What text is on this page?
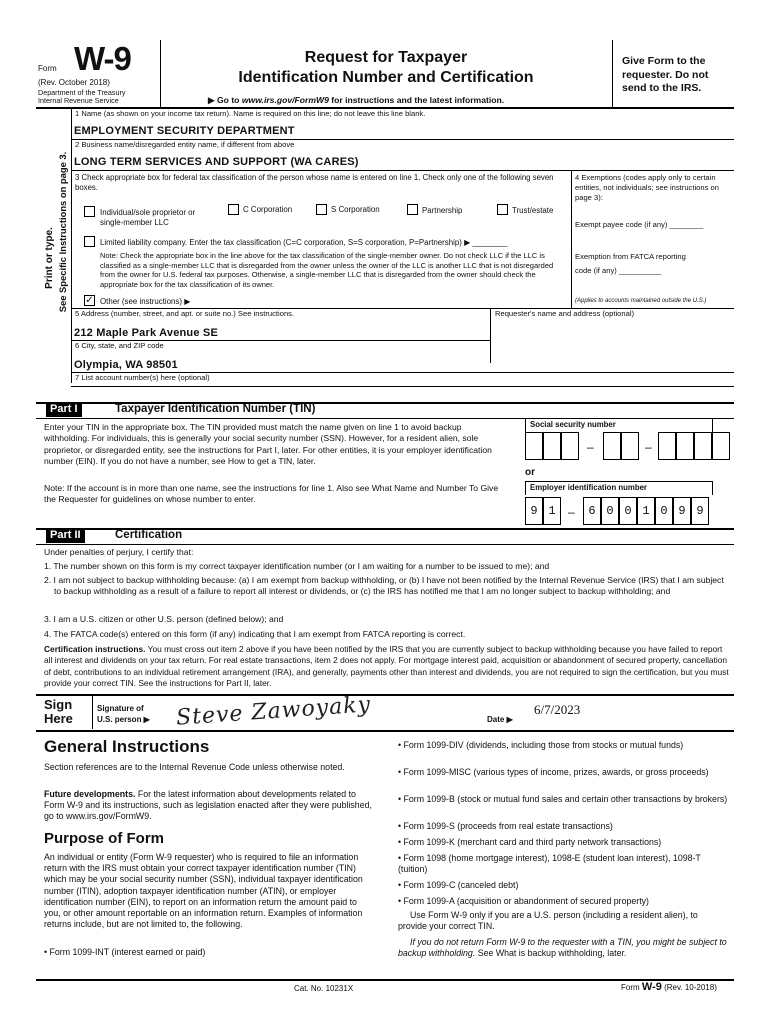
Form W-9
(Rev. October 2018)
Department of the Treasury
Internal Revenue Service
Request for Taxpayer
Identification Number and Certification
▶ Go to www.irs.gov/FormW9 for instructions and the latest information.
Give Form to the requester. Do not send to the IRS.
Print or type. See Specific Instructions on page 3.
1 Name (as shown on your income tax return). Name is required on this line; do not leave this line blank.
EMPLOYMENT SECURITY DEPARTMENT
2 Business name/disregarded entity name, if different from above
LONG TERM SERVICES AND SUPPORT (WA CARES)
3 Check appropriate box for federal tax classification of the person whose name is entered on line 1. Check only one of the following seven boxes.
Individual/sole proprietor or single-member LLC
C Corporation	S Corporation	Partnership	Trust/estate
Limited liability company. Enter the tax classification (C=C corporation, S=S corporation, P=Partnership) ▶ ________
Note: Check the appropriate box in the line above for the tax classification of the single-member owner. Do not check LLC if the LLC is classified as a single-member LLC that is disregarded from the owner unless the owner of the LLC is another LLC that is not disregarded from the owner for U.S. federal tax purposes. Otherwise, a single-member LLC that is disregarded from the owner should check the appropriate box for the tax classification of its owner.
✓ Other (see instructions) ▶
4 Exemptions (codes apply only to certain entities, not individuals; see instructions on page 3):
Exempt payee code (if any) ________
Exemption from FATCA reporting
code (if any) __________
(Applies to accounts maintained outside the U.S.)
5 Address (number, street, and apt. or suite no.) See instructions.	Requester's name and address (optional)
212 Maple Park Avenue SE
6 City, state, and ZIP code
Olympia, WA 98501
7 List account number(s) here (optional)
Part I	Taxpayer Identification Number (TIN)
Enter your TIN in the appropriate box. The TIN provided must match the name given on line 1 to avoid backup withholding. For individuals, this is generally your social security number (SSN). However, for a resident alien, sole proprietor, or disregarded entity, see the instructions for Part I, later. For other entities, it is your employer identification number (EIN). If you do not have a number, see How to get a TIN, later.
Note: If the account is in more than one name, see the instructions for line 1. Also see What Name and Number To Give the Requester for guidelines on whose number to enter.
Social security number
–	–
or
Employer identification number
9 1	–	6 0 0 1 0 9 9
Part II	Certification
Under penalties of perjury, I certify that:
1. The number shown on this form is my correct taxpayer identification number (or I am waiting for a number to be issued to me); and
2. I am not subject to backup withholding because: (a) I am exempt from backup withholding, or (b) I have not been notified by the Internal Revenue Service (IRS) that I am subject to backup withholding as a result of a failure to report all interest or dividends, or (c) the IRS has notified me that I am no longer subject to backup withholding; and
3. I am a U.S. citizen or other U.S. person (defined below); and
4. The FATCA code(s) entered on this form (if any) indicating that I am exempt from FATCA reporting is correct.
Certification instructions. You must cross out item 2 above if you have been notified by the IRS that you are currently subject to backup withholding because you have failed to report all interest and dividends on your tax return. For real estate transactions, item 2 does not apply. For mortgage interest paid, acquisition or abandonment of secured property, cancellation of debt, contributions to an individual retirement arrangement (IRA), and generally, payments other than interest and dividends, you are not required to sign the certification, but you must provide your correct TIN. See the instructions for Part II, later.
Sign
Here
Signature of
U.S. person ▶ Steve Zawoyaky	Date ▶
6/7/2023
General Instructions
Section references are to the Internal Revenue Code unless otherwise noted.
Future developments. For the latest information about developments related to Form W-9 and its instructions, such as legislation enacted after they were published, go to www.irs.gov/FormW9.
Purpose of Form
An individual or entity (Form W-9 requester) who is required to file an information return with the IRS must obtain your correct taxpayer identification number (TIN) which may be your social security number (SSN), individual taxpayer identification number (ITIN), adoption taxpayer identification number (ATIN), or employer identification number (EIN), to report on an information return the amount paid to you, or other amount reportable on an information return. Examples of information returns include, but are not limited to, the following.
• Form 1099-INT (interest earned or paid)
• Form 1099-DIV (dividends, including those from stocks or mutual funds)
• Form 1099-MISC (various types of income, prizes, awards, or gross proceeds)
• Form 1099-B (stock or mutual fund sales and certain other transactions by brokers)
• Form 1099-S (proceeds from real estate transactions)
• Form 1099-K (merchant card and third party network transactions)
• Form 1098 (home mortgage interest), 1098-E (student loan interest), 1098-T (tuition)
• Form 1099-C (canceled debt)
• Form 1099-A (acquisition or abandonment of secured property)
Use Form W-9 only if you are a U.S. person (including a resident alien), to provide your correct TIN.
If you do not return Form W-9 to the requester with a TIN, you might be subject to backup withholding. See What is backup withholding, later.
Cat. No. 10231X	Form W-9 (Rev. 10-2018)
